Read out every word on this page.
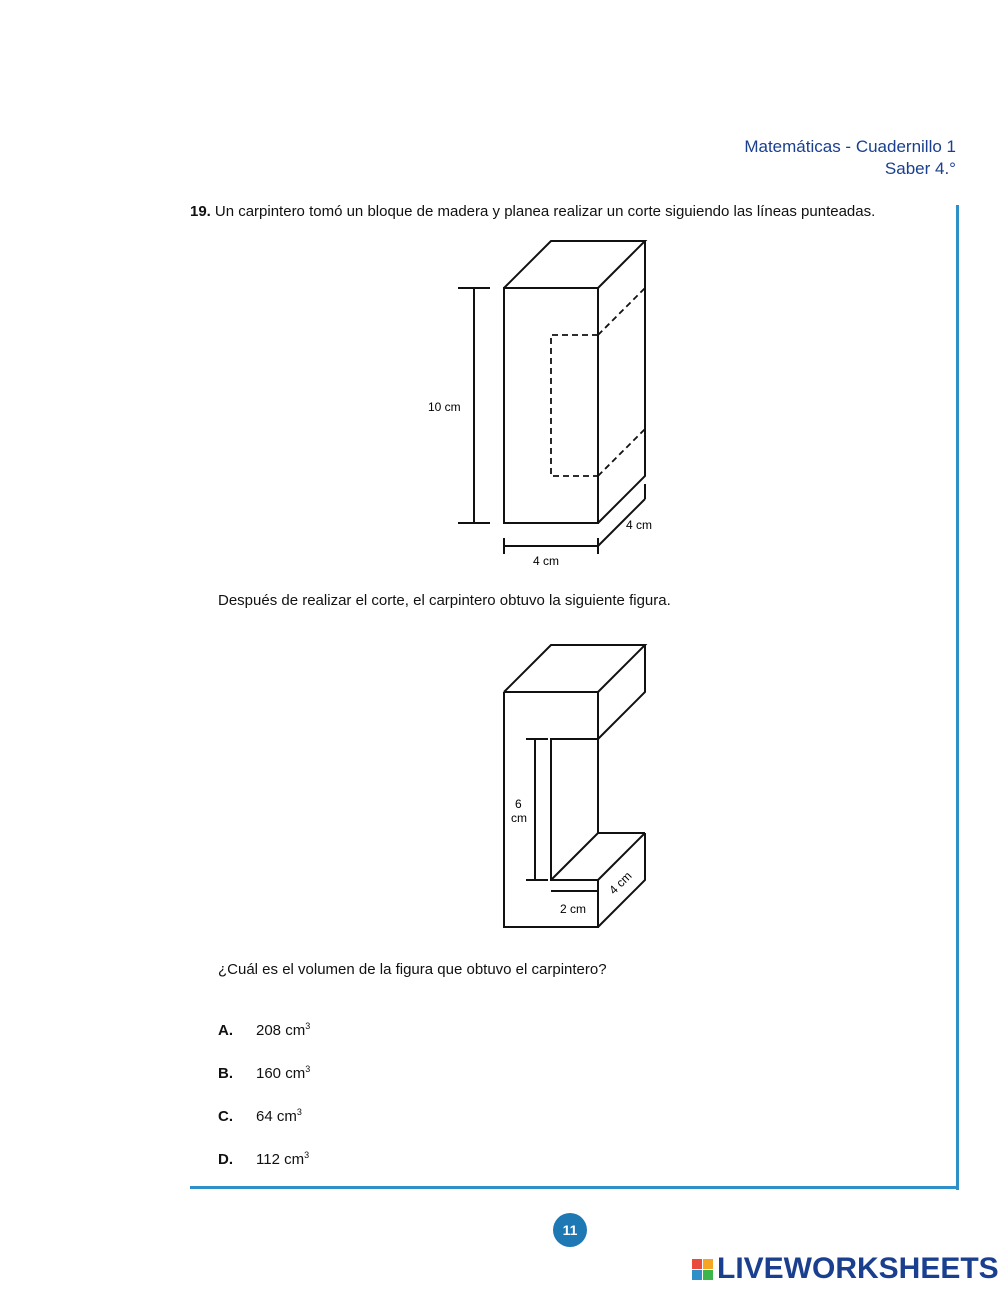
Matemáticas - Cuadernillo 1
Saber 4.°
19. Un carpintero tomó un bloque de madera y planea realizar un corte siguiendo las líneas punteadas.
10 cm
4 cm
4 cm
Después de realizar el corte, el carpintero obtuvo la siguiente figura.
6
cm
2 cm
4 cm
¿Cuál es el volumen de la figura que obtuvo el carpintero?
A. 208 $cm^3$
B. 160 $cm^3$
C. 64 $cm^3$
D. 112 $cm^3$
11
LIVEWORKSHEETS
